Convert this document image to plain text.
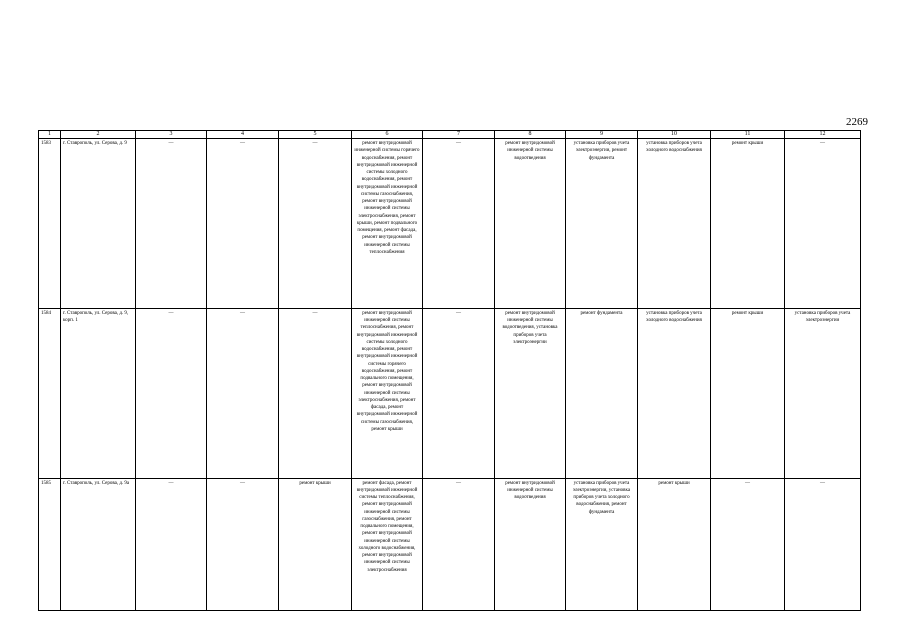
2269
1	2	3	4	5	6	7	8	9	10	11	12
1583	г. Ставрополь, ул. Серова, д. 9	—	—	—	ремонт внутридомовой инженерной системы горячего водоснабжения, ремонт внутридомовой инженерной системы холодного водоснабжения, ремонт внутридомовой инженерной системы газоснабжения, ремонт внутридомовой инженерной системы электроснабжения, ремонт крыши, ремонт подвального помещения, ремонт фасада, ремонт внутридомовой инженерной системы теплоснабжения	—	ремонт внутридомовой инженерной системы водоотведения	установка приборов учета электроэнергии, ремонт фундамента	установка приборов учета холодного водоснабжения	ремонт крыши	—
1584	г. Ставрополь, ул. Серова, д. 9, корп. 1	—	—	—	ремонт внутридомовой инженерной системы теплоснабжения, ремонт внутридомовой инженерной системы холодного водоснабжения, ремонт внутридомовой инженерной системы горячего водоснабжения, ремонт подвального помещения, ремонт внутридомовой инженерной системы электроснабжения, ремонт фасада, ремонт внутридомовой инженерной системы газоснабжения, ремонт крыши	—	ремонт внутридомовой инженерной системы водоотведения, установка приборов учета электроэнергии	ремонт фундамента	установка приборов учета холодного водоснабжения	ремонт крыши	установка приборов учета электроэнергии
1585	г. Ставрополь, ул. Серова, д. 9а	—	—	ремонт крыши	ремонт фасада, ремонт внутридомовой инженерной системы теплоснабжения, ремонт внутридомовой инженерной системы газоснабжения, ремонт подвального помещения, ремонт внутридомовой инженерной системы холодного водоснабжения, ремонт внутридомовой инженерной системы электроснабжения	—	ремонт внутридомовой инженерной системы водоотведения	установка приборов учета электроэнергии, установка приборов учета холодного водоснабжения, ремонт фундамента	ремонт крыши	—	—
